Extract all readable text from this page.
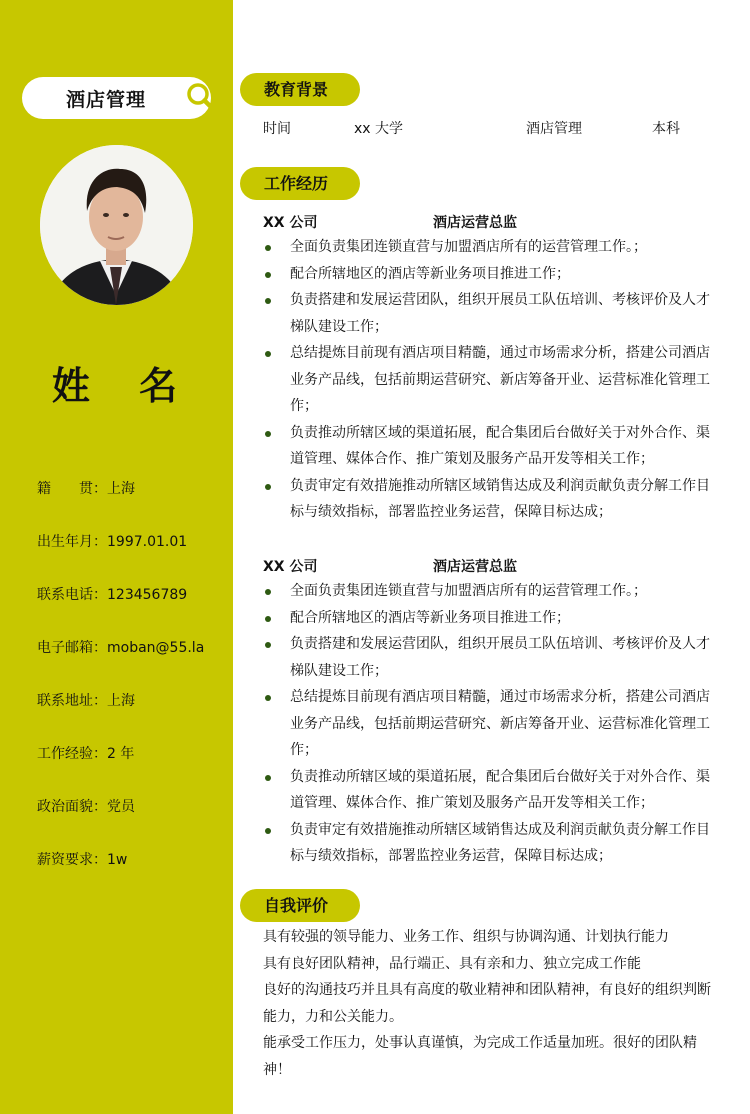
酒店管理
姓 名
籍　　贯：上海
出生年月：1997.01.01
联系电话：123456789
电子邮箱：moban@55.la
联系地址：上海
工作经验：2 年
政治面貌：党员
薪资要求：1w
教育背景
时间	xx 大学	酒店管理	本科
工作经历
XX 公司	酒店运营总监
全面负责集团连锁直营与加盟酒店所有的运营管理工作。；
配合所辖地区的酒店等新业务项目推进工作；
负责搭建和发展运营团队，组织开展员工队伍培训、考核评价及人才梯队建设工作；
总结提炼目前现有酒店项目精髓，通过市场需求分析，搭建公司酒店业务产品线，包括前期运营研究、新店筹备开业、运营标准化管理工作；
负责推动所辖区域的渠道拓展，配合集团后台做好关于对外合作、渠道管理、媒体合作、推广策划及服务产品开发等相关工作；
负责审定有效措施推动所辖区域销售达成及利润贡献负责分解工作目标与绩效指标，部署监控业务运营，保障目标达成；
XX 公司	酒店运营总监
全面负责集团连锁直营与加盟酒店所有的运营管理工作。；
配合所辖地区的酒店等新业务项目推进工作；
负责搭建和发展运营团队，组织开展员工队伍培训、考核评价及人才梯队建设工作；
总结提炼目前现有酒店项目精髓，通过市场需求分析，搭建公司酒店业务产品线，包括前期运营研究、新店筹备开业、运营标准化管理工作；
负责推动所辖区域的渠道拓展，配合集团后台做好关于对外合作、渠道管理、媒体合作、推广策划及服务产品开发等相关工作；
负责审定有效措施推动所辖区域销售达成及利润贡献负责分解工作目标与绩效指标，部署监控业务运营，保障目标达成；
自我评价

具有较强的领导能力、业务工作、组织与协调沟通、计划执行能力

具有良好团队精神，品行端正、具有亲和力、独立完成工作能

良好的沟通技巧并且具有高度的敬业精神和团队精神，有良好的组织判断能力，力和公关能力。

能承受工作压力，处事认真谨慎，为完成工作适量加班。很好的团队精神！
